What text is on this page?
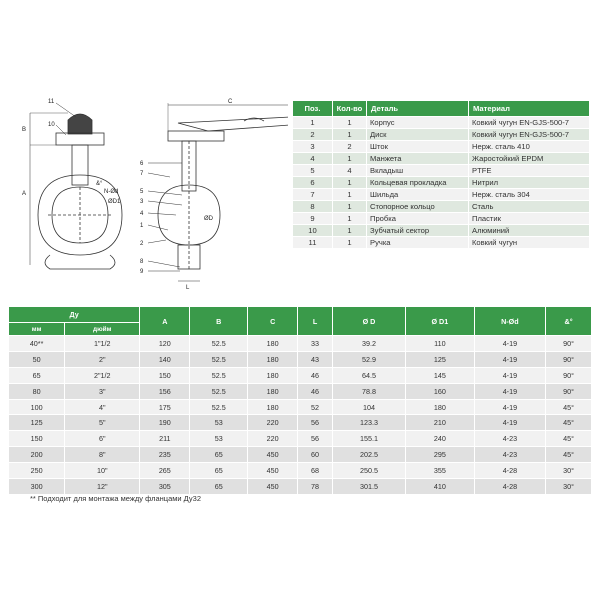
11
10
6
7
5
3
4
1
2
8
9
C
B
A
L
N-Ød
ØD1
ØD
&°
Поз.	Кол-во	Деталь	Материал
1	1	Корпус	Ковкий чугун EN-GJS-500-7
2	1	Диск	Ковкий чугун EN-GJS-500-7
3	2	Шток	Нерж. сталь 410
4	1	Манжета	Жаростойкий EPDM
5	4	Вкладыш	PTFE
6	1	Кольцевая прокладка	Нитрил
7	1	Шильда	Нерж. сталь 304
8	1	Стопорное кольцо	Сталь
9	1	Пробка	Пластик
10	1	Зубчатый сектор	Алюминий
11	1	Ручка	Ковкий чугун
Ду		A	B	C	L	Ø D	Ø D1	N-Ød	&°
мм	дюйм								
40**	1"1/2	120	52.5	180	33	39.2	110	4-19	90°
50	2"	140	52.5	180	43	52.9	125	4-19	90°
65	2"1/2	150	52.5	180	46	64.5	145	4-19	90°
80	3"	156	52.5	180	46	78.8	160	4-19	90°
100	4"	175	52.5	180	52	104	180	4-19	45°
125	5"	190	53	220	56	123.3	210	4-19	45°
150	6"	211	53	220	56	155.1	240	4-23	45°
200	8"	235	65	450	60	202.5	295	4-23	45°
250	10"	265	65	450	68	250.5	355	4-28	30°
300	12"	305	65	450	78	301.5	410	4-28	30°
** Подходит для монтажа между фланцами Ду32
